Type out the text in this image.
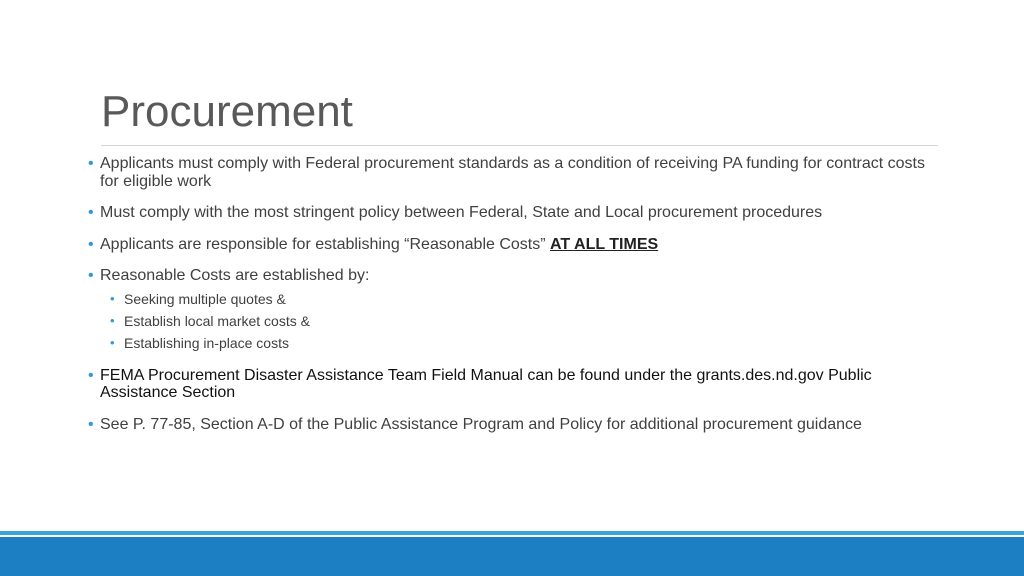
Procurement
• Applicants must comply with Federal procurement standards as a condition of receiving PA funding for contract costs for eligible work
• Must comply with the most stringent policy between Federal, State and Local procurement procedures
• Applicants are responsible for establishing “Reasonable Costs” AT ALL TIMES
• Reasonable Costs are established by:
• Seeking multiple quotes &
• Establish local market costs &
• Establishing in-place costs
• FEMA Procurement Disaster Assistance Team Field Manual can be found under the grants.des.nd.gov Public Assistance Section
• See P. 77-85, Section A-D of the Public Assistance Program and Policy for additional procurement guidance
